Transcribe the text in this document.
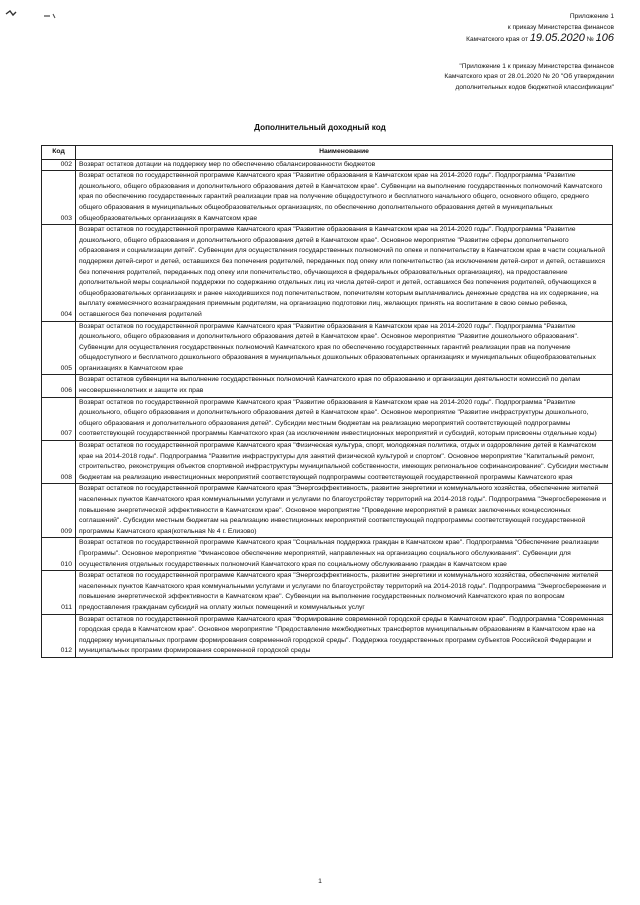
Приложение 1
к приказу Министерства финансов
Камчатского края от 19.05.2020 № 106
"Приложение 1 к приказу Министерства финансов
Камчатского края от 28.01.2020 № 20 "Об утверждении
дополнительных кодов бюджетной классификации"
Дополнительный доходный код
Код	Наименование
002	Возврат остатков дотации на поддержку мер по обеспечению сбалансированности бюджетов
003	Возврат остатков по государственной программе Камчатского края "Развитие образования в Камчатском крае на 2014-2020 годы". Подпрограмма "Развитие дошкольного, общего образования и дополнительного образования детей в Камчатском крае". Субвенции на выполнение государственных полномочий Камчатского края по обеспечению государственных гарантий реализации прав на получение общедоступного и бесплатного начального общего, основного общего, среднего общего образования в муниципальных общеобразовательных организациях, по обеспечению дополнительного образования детей в муниципальных общеобразовательных организациях в Камчатском крае
004	Возврат остатков по государственной программе Камчатского края "Развитие образования в Камчатском крае на 2014-2020 годы". Подпрограмма "Развитие дошкольного, общего образования и дополнительного образования детей в Камчатском крае". Основное мероприятие "Развитие сферы дополнительного образования и социализации детей". Субвенции для осуществления государственных полномочий по опеке и попечительству в Камчатском крае в части социальной поддержки детей-сирот и детей, оставшихся без попечения родителей, переданных под опеку или попечительство (за исключением детей-сирот и детей, оставшихся без попечения родителей, переданных под опеку или попечительство, обучающихся в федеральных образовательных организациях), на предоставление дополнительной меры социальной поддержки по содержанию отдельных лиц из числа детей-сирот и детей, оставшихся без попечения родителей, обучающихся в общеобразовательных организациях и ранее находившихся под попечительством, попечителям которым выплачивались денежные средства на их содержание, на выплату ежемесячного вознаграждения приемным родителям, на организацию подготовки лиц, желающих принять на воспитание в свою семью ребенка, оставшегося без попечения родителей
005	Возврат остатков по государственной программе Камчатского края "Развитие образования в Камчатском крае на 2014-2020 годы". Подпрограмма "Развитие дошкольного, общего образования и дополнительного образования детей в Камчатском крае". Основное мероприятие "Развитие дошкольного образования". Субвенции для осуществления государственных полномочий Камчатского края по обеспечению государственных гарантий реализации прав на получение общедоступного и бесплатного дошкольного образования в муниципальных дошкольных образовательных организациях и муниципальных общеобразовательных организациях в Камчатском крае
006	Возврат остатков субвенции на выполнение государственных полномочий Камчатского края по образованию и организации деятельности комиссий по делам несовершеннолетних и защите их прав
007	Возврат остатков по государственной программе Камчатского края "Развитие образования в Камчатском крае на 2014-2020 годы". Подпрограмма "Развитие дошкольного, общего образования и дополнительного образования детей в Камчатском крае". Основное мероприятие "Развитие инфраструктуры дошкольного, общего образования и дополнительного образования детей". Субсидии местным бюджетам на реализацию мероприятий соответствующей подпрограммы соответствующей государственной программы Камчатского края (за исключением инвестиционных мероприятий и субсидий, которым присвоены отдельные коды)
008	Возврат остатков по государственной программе Камчатского края "Физическая культура, спорт, молодежная политика, отдых и оздоровление детей в Камчатском крае на 2014-2018 годы". Подпрограмма "Развитие инфраструктуры для занятий физической культурой и спортом". Основное мероприятие "Капитальный ремонт, строительство, реконструкция объектов спортивной инфраструктуры муниципальной собственности, имеющих региональное софинансирование". Субсидии местным бюджетам на реализацию инвестиционных мероприятий соответствующей подпрограммы соответствующей государственной программы Камчатского края
009	Возврат остатков по государственной программе Камчатского края "Энергоэффективность, развитие энергетики и коммунального хозяйства, обеспечение жителей населенных пунктов Камчатского края коммунальными услугами и услугами по благоустройству территорий на 2014-2018 годы". Подпрограмма "Энергосбережение и повышение энергетической эффективности в Камчатском крае". Основное мероприятие "Проведение мероприятий в рамках заключенных концессионных соглашений". Субсидии местным бюджетам на реализацию инвестиционных мероприятий соответствующей подпрограммы соответствующей государственной программы Камчатского края(котельная № 4 г. Елизово)
010	Возврат остатков по государственной программе Камчатского края "Социальная поддержка граждан в Камчатском крае". Подпрограмма "Обеспечение реализации Программы". Основное мероприятие "Финансовое обеспечение мероприятий, направленных на организацию социального обслуживания". Субвенции для осуществления отдельных государственных полномочий Камчатского края по социальному обслуживанию граждан в Камчатском крае
011	Возврат остатков по государственной программе Камчатского края "Энергоэффективность, развитие энергетики и коммунального хозяйства, обеспечение жителей населенных пунктов Камчатского края коммунальными услугами и услугами по благоустройству территорий на 2014-2018 годы". Подпрограмма "Энергосбережение и повышение энергетической эффективности в Камчатском крае". Субвенции на выполнение государственных полномочий Камчатского края по вопросам предоставления гражданам субсидий на оплату жилых помещений и коммунальных услуг
012	Возврат остатков по государственной программе Камчатского края "Формирование современной городской среды в Камчатском крае". Подпрограмма "Современная городская среда в Камчатском крае". Основное мероприятие "Предоставление межбюджетных трансфертов муниципальным образованиям в Камчатском крае на поддержку муниципальных программ формирования современной городской среды". Поддержка государственных программ субъектов Российской Федерации и муниципальных программ формирования современной городской среды
1
